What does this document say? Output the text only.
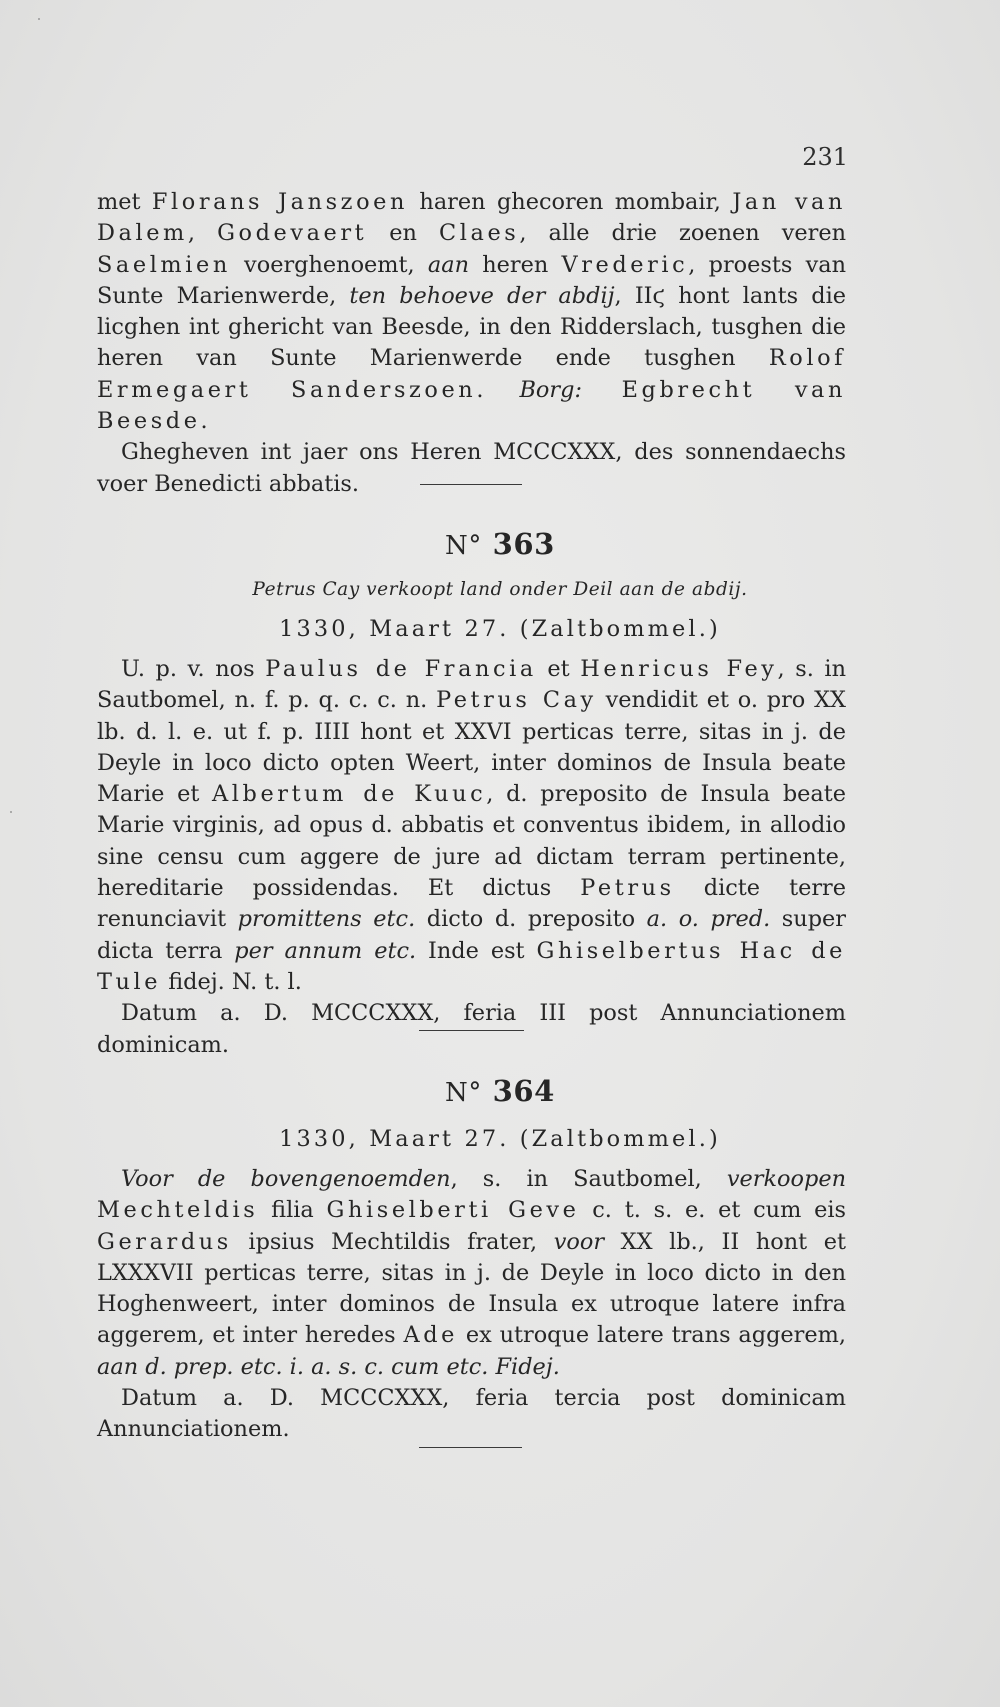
231

met Florans Janszoen haren ghecoren mombair, Jan van Dalem, Godevaert en Claes, alle drie zoenen veren Saelmien voerghenoemt, aan heren Vrederic, proests van Sunte Marienwerde, ten behoeve der abdij, IIϛ hont lants die licghen int ghericht van Beesde, in den Ridderslach, tusghen die heren van Sunte Marienwerde ende tusghen Rolof Ermegaert Sanderszoen. Borg: Egbrecht van Beesde.

Ghegheven int jaer ons Heren MCCCXXX, des sonnendaechs voer Benedicti abbatis.

N° 363
Petrus Cay verkoopt land onder Deil aan de abdij.
1330, Maart 27. (Zaltbommel.)

U. p. v. nos Paulus de Francia et Henricus Fey, s. in Sautbomel, n. f. p. q. c. c. n. Petrus Cay vendidit et o. pro XX lb. d. l. e. ut f. p. IIII hont et XXVI perticas terre, sitas in j. de Deyle in loco dicto opten Weert, inter dominos de Insula beate Marie et Albertum de Kuuc, d. preposito de Insula beate Marie virginis, ad opus d. abbatis et conventus ibidem, in allodio sine censu cum aggere de jure ad dictam terram pertinente, hereditarie possidendas. Et dictus Petrus dicte terre renunciavit promittens etc. dicto d. preposito a. o. pred. super dicta terra per annum etc. Inde est Ghiselbertus Hac de Tule fidej. N. t. l.

Datum a. D. MCCCXXX, feria III post Annunciationem dominicam.

N° 364
1330, Maart 27. (Zaltbommel.)

Voor de bovengenoemden, s. in Sautbomel, verkoopen Mechteldis filia Ghiselberti Geve c. t. s. e. et cum eis Gerardus ipsius Mechtildis frater, voor XX lb., II hont et LXXXVII perticas terre, sitas in j. de Deyle in loco dicto in den Hoghenweert, inter dominos de Insula ex utroque latere infra aggerem, et inter heredes Ade ex utroque latere trans aggerem, aan d. prep. etc. i. a. s. c. cum etc. Fidej.

Datum a. D. MCCCXXX, feria tercia post dominicam Annunciationem.
